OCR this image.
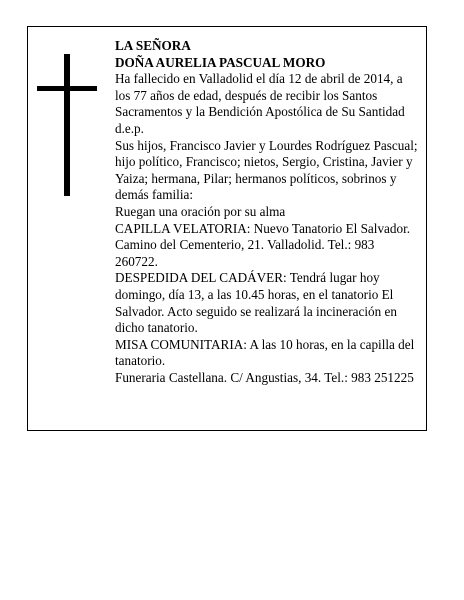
LA SEÑORA

DOÑA AURELIA PASCUAL MORO

Ha fallecido en Valladolid el día 12 de abril de 2014, a los 77 años de edad, después de recibir los Santos Sacramentos y la Bendición Apostólica de Su Santidad d.e.p.

Sus hijos, Francisco Javier y Lourdes Rodríguez Pascual; hijo político, Francisco; nietos, Sergio, Cristina, Javier y Yaiza; hermana, Pilar; hermanos políticos, sobrinos y demás familia:

Ruegan una oración por su alma

CAPILLA VELATORIA: Nuevo Tanatorio El Salvador. Camino del Cementerio, 21. Valladolid. Tel.: 983 260722.

DESPEDIDA DEL CADÁVER: Tendrá lugar hoy domingo, día 13, a las 10.45 horas, en el tanatorio El Salvador. Acto seguido se realizará la incineración en dicho tanatorio.

MISA COMUNITARIA: A las 10 horas, en la capilla del tanatorio.

Funeraria Castellana. C/ Angustias, 34. Tel.: 983 251225
